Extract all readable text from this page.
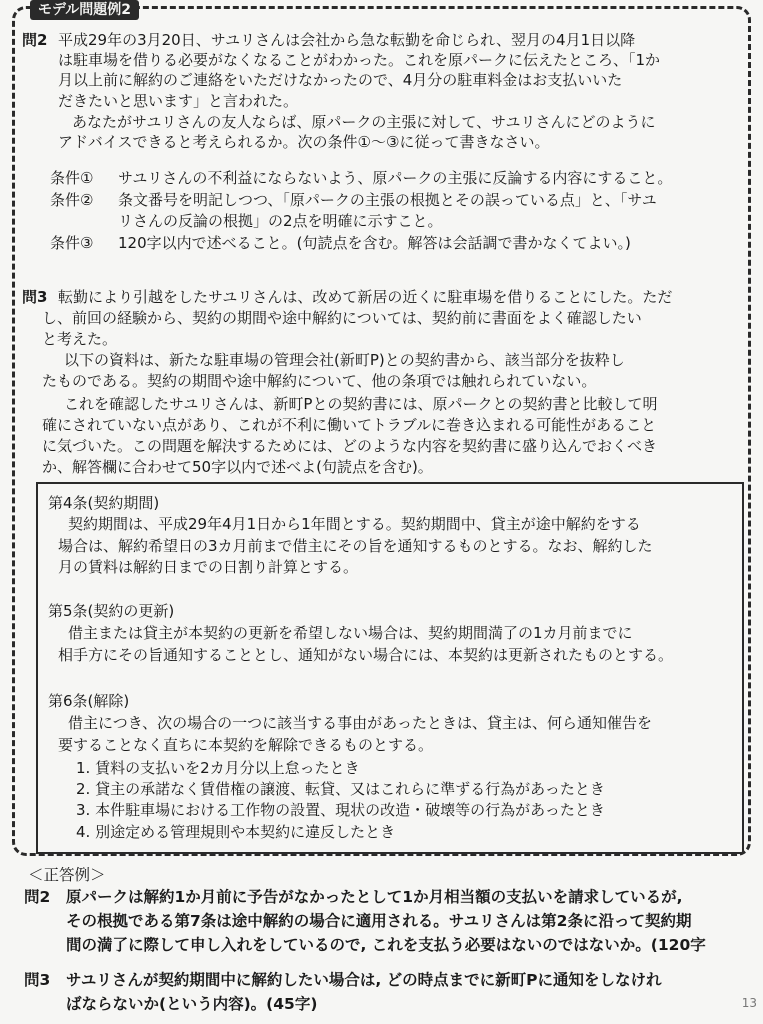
モデル問題例2
問2 平成29年の3月20日、サユリさんは会社から急な転勤を命じられ、翌月の4月1日以降
は駐車場を借りる必要がなくなることがわかった。これを原パークに伝えたところ、「1か
月以上前に解約のご連絡をいただけなかったので、4月分の駐車料金はお支払いいた
だきたいと思います」と言われた。
あなたがサユリさんの友人ならば、原パークの主張に対して、サユリさんにどのように
アドバイスできると考えられるか。次の条件①～③に従って書きなさい。
条件① サユリさんの不利益にならないよう、原パークの主張に反論する内容にすること。
条件② 条文番号を明記しつつ、「原パークの主張の根拠とその誤っている点」と、「サユ
リさんの反論の根拠」の2点を明確に示すこと。
条件③ 120字以内で述べること。(句読点を含む。解答は会話調で書かなくてよい。)
問3 転勤により引越をしたサユリさんは、改めて新居の近くに駐車場を借りることにした。ただ
し、前回の経験から、契約の期間や途中解約については、契約前に書面をよく確認したい
と考えた。
以下の資料は、新たな駐車場の管理会社(新町P)との契約書から、該当部分を抜粋し
たものである。契約の期間や途中解約について、他の条項では触れられていない。
これを確認したサユリさんは、新町Pとの契約書には、原パークとの契約書と比較して明
確にされていない点があり、これが不利に働いてトラブルに巻き込まれる可能性があること
に気づいた。この問題を解決するためには、どのような内容を契約書に盛り込んでおくべき
か、解答欄に合わせて50字以内で述べよ(句読点を含む)。
第4条(契約期間)
契約期間は、平成29年4月1日から1年間とする。契約期間中、貸主が途中解約をする
場合は、解約希望日の3カ月前まで借主にその旨を通知するものとする。なお、解約した
月の賃料は解約日までの日割り計算とする。
第5条(契約の更新)
借主または貸主が本契約の更新を希望しない場合は、契約期間満了の1カ月前までに
相手方にその旨通知することとし、通知がない場合には、本契約は更新されたものとする。
第6条(解除)
借主につき、次の場合の一つに該当する事由があったときは、貸主は、何ら通知催告を
要することなく直ちに本契約を解除できるものとする。
1. 賃料の支払いを2カ月分以上怠ったとき
2. 貸主の承諾なく賃借権の譲渡、転貸、又はこれらに準ずる行為があったとき
3. 本件駐車場における工作物の設置、現状の改造・破壊等の行為があったとき
4. 別途定める管理規則や本契約に違反したとき
＜正答例＞
問2 原パークは解約1か月前に予告がなかったとして1か月相当額の支払いを請求しているが,
その根拠である第7条は途中解約の場合に適用される。サユリさんは第2条に沿って契約期
間の満了に際して申し入れをしているので, これを支払う必要はないのではないか。(120字
問3 サユリさんが契約期間中に解約したい場合は, どの時点までに新町Pに通知をしなけれ
ばならないか(という内容)。(45字)	13
